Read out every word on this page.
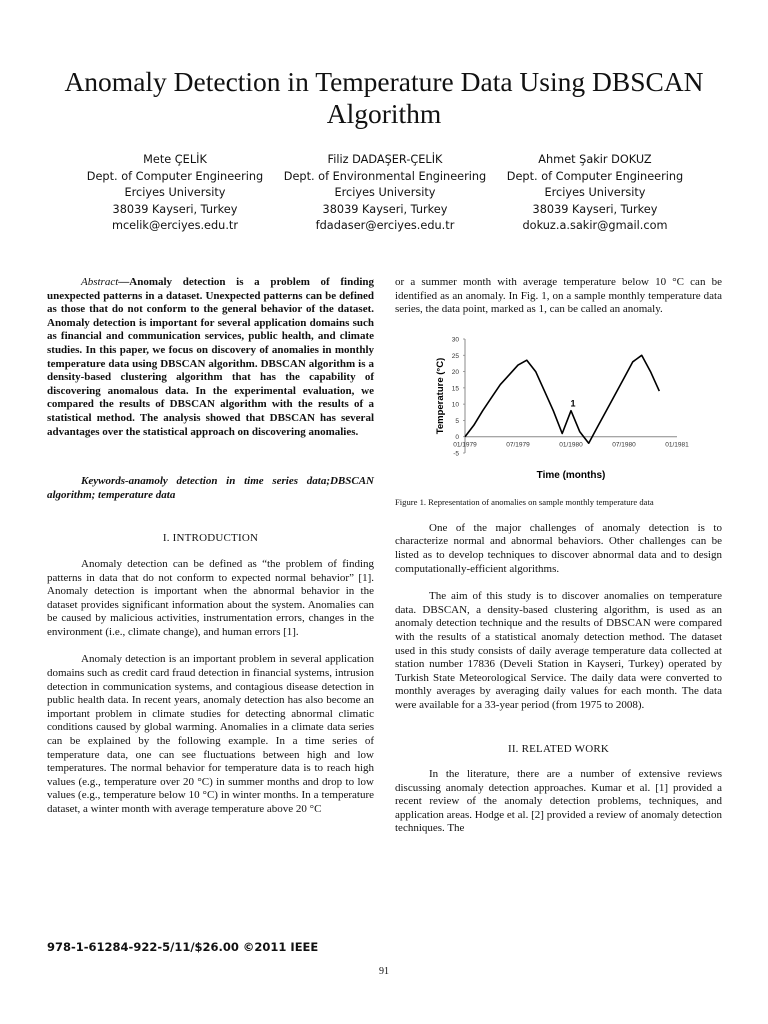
Anomaly Detection in Temperature Data Using DBSCAN Algorithm
Mete ÇELİK
Dept. of Computer Engineering
Erciyes University
38039 Kayseri, Turkey
mcelik@erciyes.edu.tr
Filiz DADAŞER-ÇELİK
Dept. of Environmental Engineering
Erciyes University
38039 Kayseri, Turkey
fdadaser@erciyes.edu.tr
Ahmet Şakir DOKUZ
Dept. of Computer Engineering
Erciyes University
38039 Kayseri, Turkey
dokuz.a.sakir@gmail.com

Abstract—Anomaly detection is a problem of finding unexpected patterns in a dataset. Unexpected patterns can be defined as those that do not conform to the general behavior of the dataset. Anomaly detection is important for several application domains such as financial and communication services, public health, and climate studies. In this paper, we focus on discovery of anomalies in monthly temperature data using DBSCAN algorithm. DBSCAN algorithm is a density-based clustering algorithm that has the capability of discovering anomalous data. In the experimental evaluation, we compared the results of DBSCAN algorithm with the results of a statistical method. The analysis showed that DBSCAN has several advantages over the statistical approach on discovering anomalies.

Keywords-anamoly detection in time series data;DBSCAN algorithm; temperature data

I. INTRODUCTION

Anomaly detection can be defined as “the problem of finding patterns in data that do not conform to expected normal behavior” [1]. Anomaly detection is important when the abnormal behavior in the dataset provides significant information about the system. Anomalies can be caused by malicious activities, instrumentation errors, changes in the environment (i.e., climate change), and human errors [1].

Anomaly detection is an important problem in several application domains such as credit card fraud detection in financial systems, intrusion detection in communication systems, and contagious disease detection in public health data. In recent years, anomaly detection has also become an important problem in climate studies for detecting abnormal climatic conditions caused by global warming. Anomalies in a climate data series can be explained by the following example. In a time series of temperature data, one can see fluctuations between high and low temperatures. The normal behavior for temperature data is to reach high values (e.g., temperature over 20 °C) in summer months and drop to low values (e.g., temperature below 10 °C) in winter months. In a temperature dataset, a winter month with average temperature above 20 °C

or a summer month with average temperature below 10 °C can be identified as an anomaly. In Fig. 1, on a sample monthly temperature data series, the data point, marked as 1, can be called an anomaly.

-5
0
5
10
15
20
25
30
01/1979	07/1979	01/1980	07/1980	01/1981
1
Time (months)
Temperature (°C)

Figure 1. Representation of anomalies on sample monthly temperature data

One of the major challenges of anomaly detection is to characterize normal and abnormal behaviors. Other challenges can be listed as to develop techniques to discover abnormal data and to design computationally-efficient algorithms.

The aim of this study is to discover anomalies on temperature data. DBSCAN, a density-based clustering algorithm, is used as an anomaly detection technique and the results of DBSCAN were compared with the results of a statistical anomaly detection method. The dataset used in this study consists of daily average temperature data collected at station number 17836 (Develi Station in Kayseri, Turkey) operated by Turkish State Meteorological Service. The daily data were converted to monthly averages by averaging daily values for each month. The data were available for a 33-year period (from 1975 to 2008).

II. RELATED WORK

In the literature, there are a number of extensive reviews discussing anomaly detection approaches. Kumar et al. [1] provided a recent review of the anomaly detection problems, techniques, and application areas. Hodge et al. [2] provided a review of anomaly detection techniques. The

978-1-61284-922-5/11/$26.00 ©2011 IEEE
91
